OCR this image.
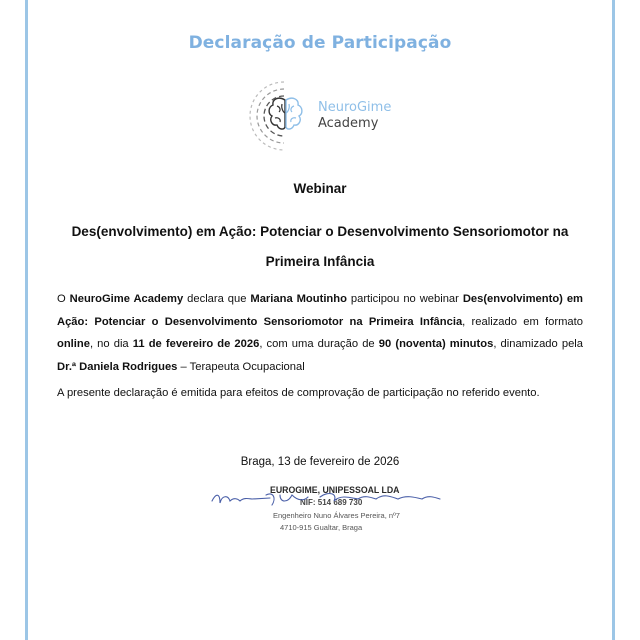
Declaração de Participação
NeuroGime
Academy
Webinar
Des(envolvimento) em Ação: Potenciar o Desenvolvimento Sensoriomotor na Primeira Infância
O NeuroGime Academy declara que Mariana Moutinho participou no webinar Des(envolvimento) em Ação: Potenciar o Desenvolvimento Sensoriomotor na Primeira Infância, realizado em formato online, no dia 11 de fevereiro de 2026, com uma duração de 90 (noventa) minutos, dinamizado pela Dr.ª Daniela Rodrigues – Terapeuta Ocupacional
A presente declaração é emitida para efeitos de comprovação de participação no referido evento.
Braga, 13 de fevereiro de 2026
EUROGIME, UNIPESSOAL LDA
NIF: 514 689 730
Engenheiro Nuno Álvares Pereira, nº7
4710-915 Gualtar, Braga
